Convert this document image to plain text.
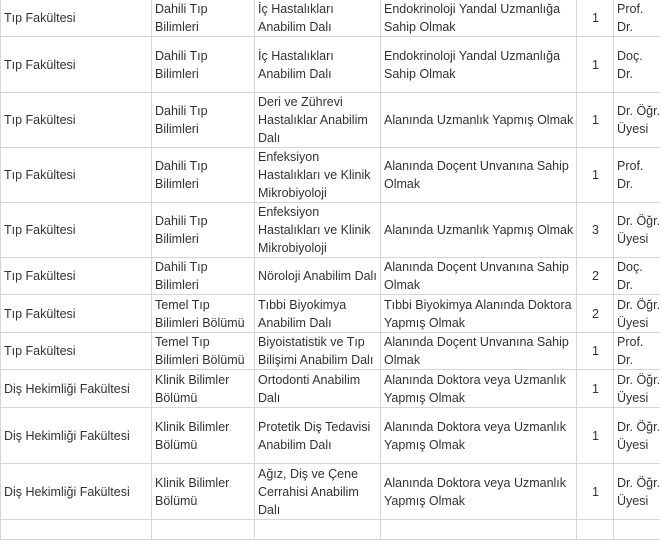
Tıp Fakültesi	Dahili Tıp Bilimleri	İç Hastalıkları Anabilim Dalı	Endokrinoloji Yandal Uzmanlığa Sahip Olmak	1	Prof. Dr.
Tıp Fakültesi	Dahili Tıp Bilimleri	İç Hastalıkları Anabilim Dalı	Endokrinoloji Yandal Uzmanlığa Sahip Olmak	1	Doç. Dr.
Tıp Fakültesi	Dahili Tıp Bilimleri	Deri ve Zührevi Hastalıklar Anabilim Dalı	Alanında Uzmanlık Yapmış Olmak	1	Dr. Öğr. Üyesi
Tıp Fakültesi	Dahili Tıp Bilimleri	Enfeksiyon Hastalıkları ve Klinik Mikrobiyoloji	Alanında Doçent Unvanına Sahip Olmak	1	Prof. Dr.
Tıp Fakültesi	Dahili Tıp Bilimleri	Enfeksiyon Hastalıkları ve Klinik Mikrobiyoloji	Alanında Uzmanlık Yapmış Olmak	3	Dr. Öğr. Üyesi
Tıp Fakültesi	Dahili Tıp Bilimleri	Nöroloji Anabilim Dalı	Alanında Doçent Unvanına Sahip Olmak	2	Doç. Dr.
Tıp Fakültesi	Temel Tıp Bilimleri Bölümü	Tıbbi Biyokimya Anabilim Dalı	Tıbbi Biyokimya Alanında Doktora Yapmış Olmak	2	Dr. Öğr. Üyesi
Tıp Fakültesi	Temel Tıp Bilimleri Bölümü	Biyoistatistik ve Tıp Bilişimi Anabilim Dalı	Alanında Doçent Unvanına Sahip Olmak	1	Prof. Dr.
Diş Hekimliği Fakültesi	Klinik Bilimler Bölümü	Ortodonti Anabilim Dalı	Alanında Doktora veya Uzmanlık Yapmış Olmak	1	Dr. Öğr. Üyesi
Diş Hekimliği Fakültesi	Klinik Bilimler Bölümü	Protetik Diş Tedavisi Anabilim Dalı	Alanında Doktora veya Uzmanlık Yapmış Olmak	1	Dr. Öğr. Üyesi
Diş Hekimliği Fakültesi	Klinik Bilimler Bölümü	Ağız, Diş ve Çene Cerrahisi Anabilim Dalı	Alanında Doktora veya Uzmanlık Yapmış Olmak	1	Dr. Öğr. Üyesi
